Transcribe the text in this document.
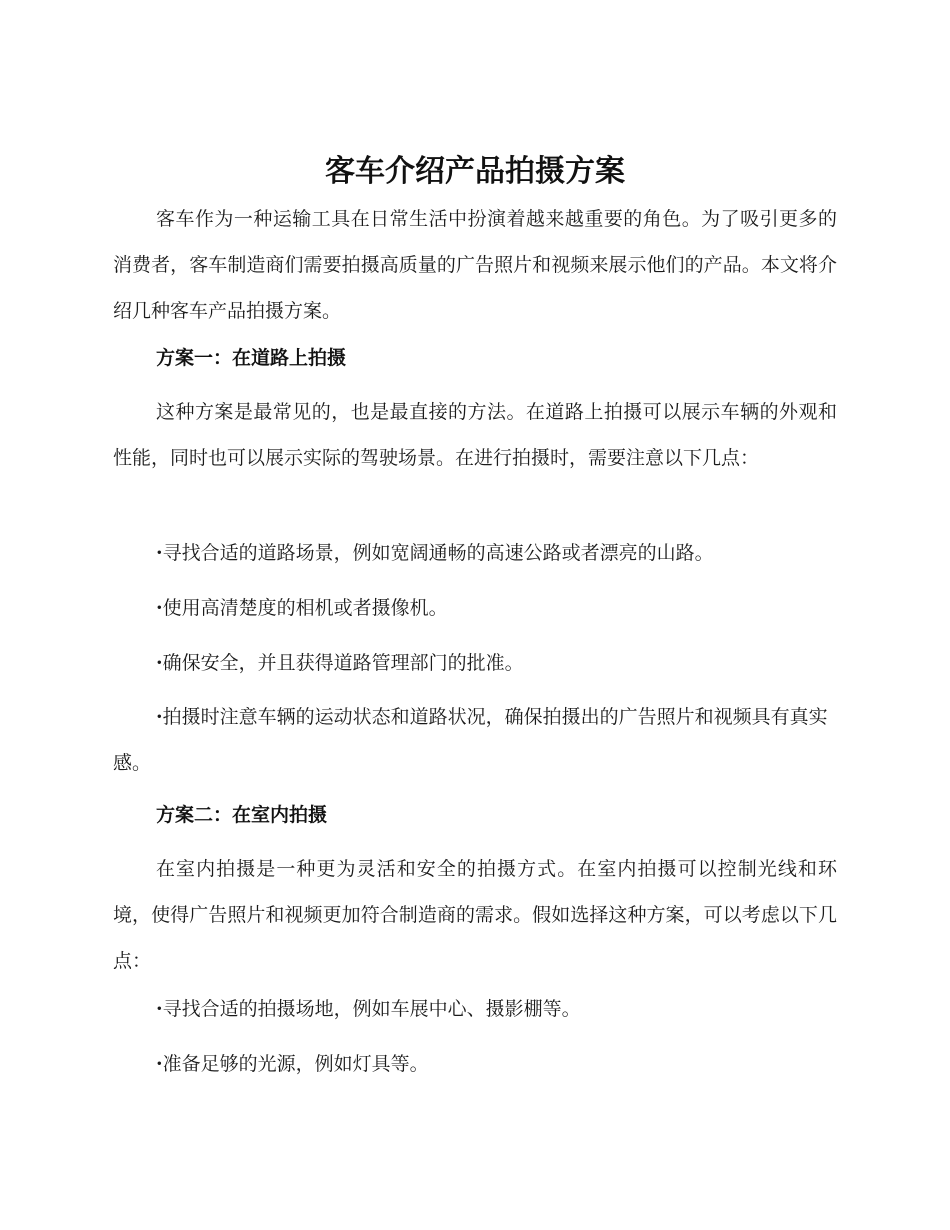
客车介绍产品拍摄方案

客车作为一种运输工具在日常生活中扮演着越来越重要的角色。为了吸引更多的消费者，客车制造商们需要拍摄高质量的广告照片和视频来展示他们的产品。本文将介绍几种客车产品拍摄方案。

方案一：在道路上拍摄

这种方案是最常见的，也是最直接的方法。在道路上拍摄可以展示车辆的外观和性能，同时也可以展示实际的驾驶场景。在进行拍摄时，需要注意以下几点：

·寻找合适的道路场景，例如宽阔通畅的高速公路或者漂亮的山路。

·使用高清楚度的相机或者摄像机。

·确保安全，并且获得道路管理部门的批准。

·拍摄时注意车辆的运动状态和道路状况，确保拍摄出的广告照片和视频具有真实感。

方案二：在室内拍摄

在室内拍摄是一种更为灵活和安全的拍摄方式。在室内拍摄可以控制光线和环境，使得广告照片和视频更加符合制造商的需求。假如选择这种方案，可以考虑以下几点：

·寻找合适的拍摄场地，例如车展中心、摄影棚等。

·准备足够的光源，例如灯具等。
